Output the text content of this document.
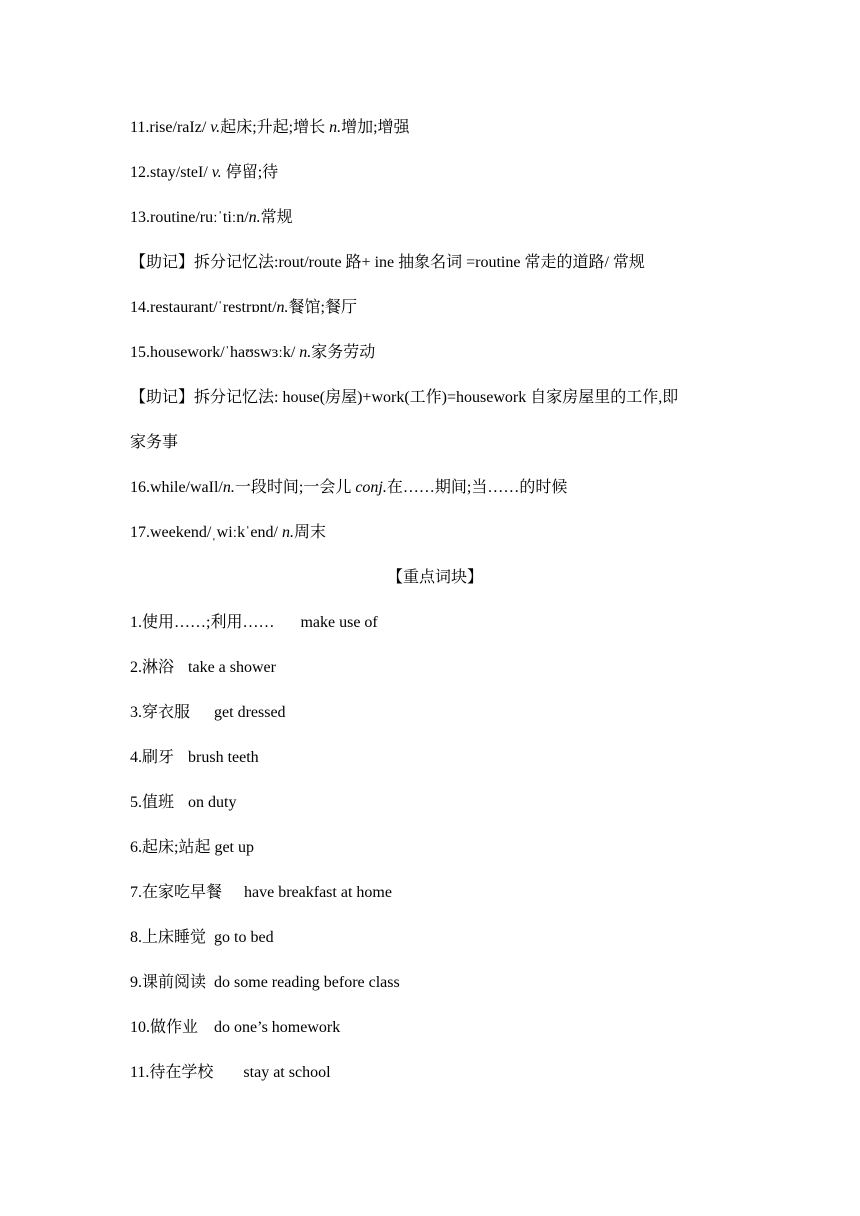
11.rise/raIz/ v.起床;升起;增长 n.增加;增强
12.stay/steI/ v. 停留;待
13.routine/ruːˈtiːn/n.常规
【助记】拆分记忆法:rout/route 路+ ine 抽象名词 =routine 常走的道路/ 常规
14.restaurant/ˈrestrɒnt/n.餐馆;餐厅
15.housework/ˈhaʊswɜːk/ n.家务劳动
【助记】拆分记忆法: house(房屋)+work(工作)=housework 自家房屋里的工作,即
家务事
16.while/waIl/n.一段时间;一会儿 conj.在……期间;当……的时候
17.weekend/ˌwiːkˈend/ n.周末
【重点词块】
1.使用……;利用…… make use of
2.淋浴 take a shower
3.穿衣服 get dressed
4.刷牙 brush teeth
5.值班 on duty
6.起床;站起 get up
7.在家吃早餐 have breakfast at home
8.上床睡觉 go to bed
9.课前阅读 do some reading before class
10.做作业 do one’s homework
11.待在学校 stay at school
